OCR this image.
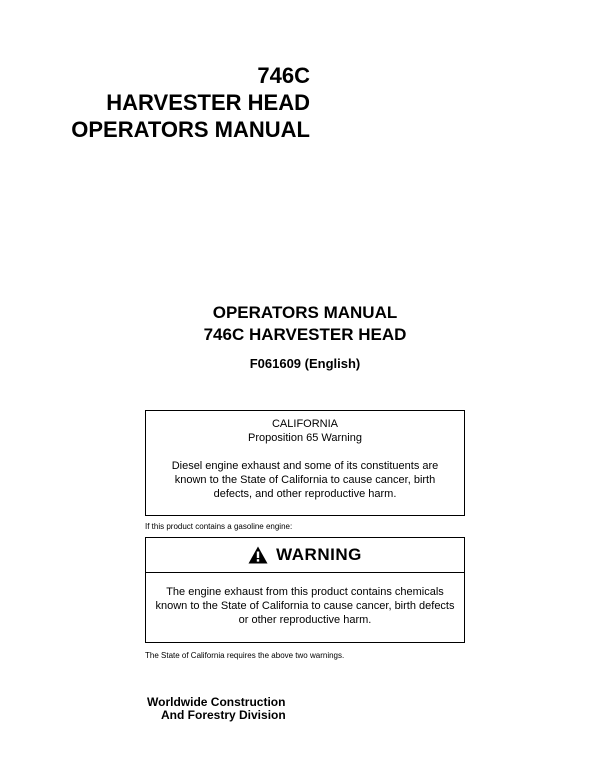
746C
HARVESTER HEAD
OPERATORS MANUAL
OPERATORS MANUAL
746C HARVESTER HEAD
F061609 (English)
CALIFORNIA
Proposition 65 Warning
Diesel engine exhaust and some of its constituents are known to the State of California to cause cancer, birth defects, and other reproductive harm.
If this product contains a gasoline engine:
WARNING
The engine exhaust from this product contains chemicals known to the State of California to cause cancer, birth defects or other reproductive harm.
The State of California requires the above two warnings.
Worldwide Construction
And Forestry Division
